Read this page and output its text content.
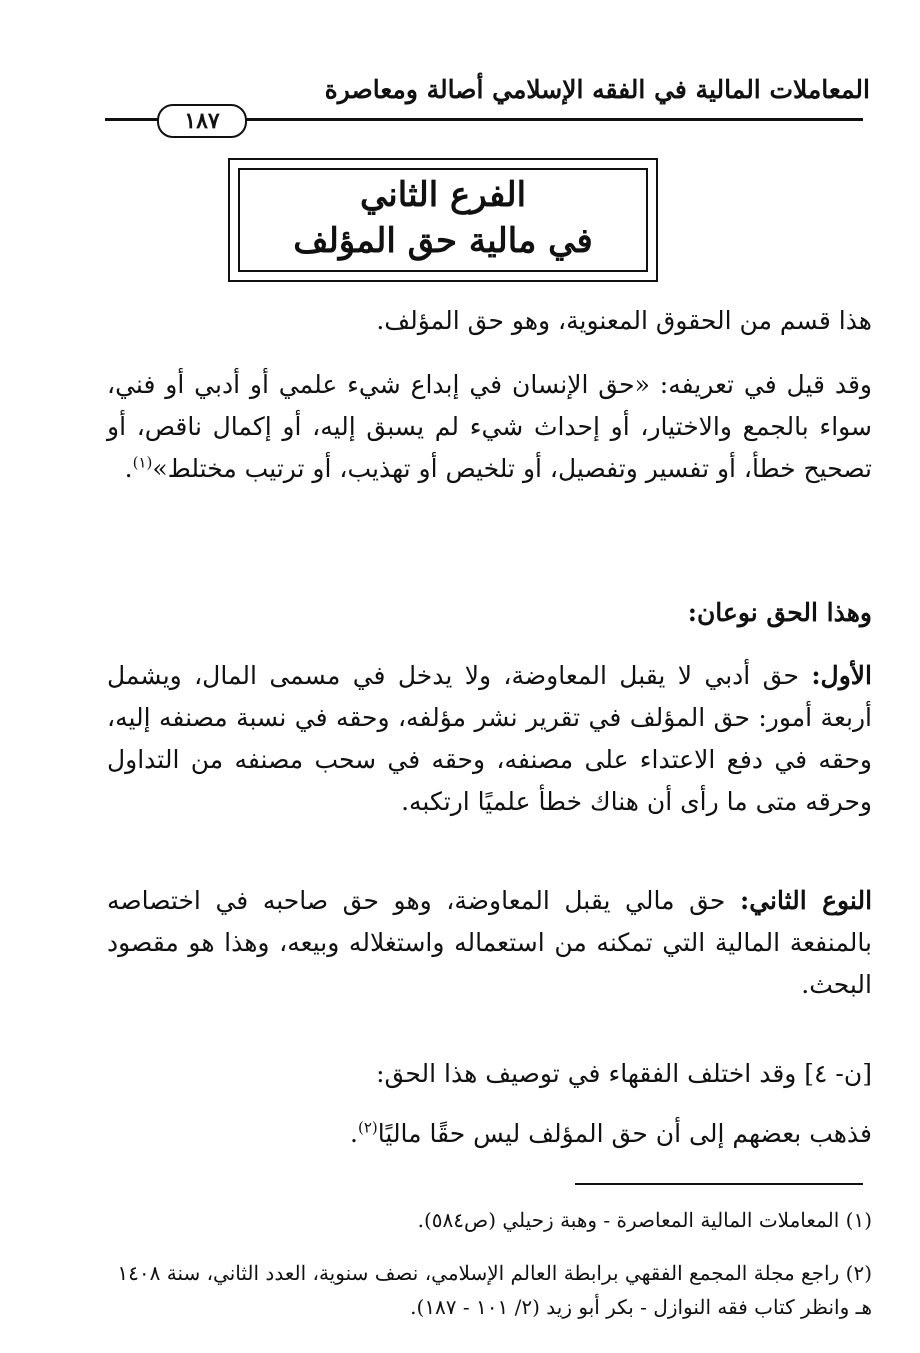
المعاملات المالية في الفقه الإسلامي أصالة ومعاصرة
١٨٧
الفرع الثاني
في مالية حق المؤلف
هذا قسم من الحقوق المعنوية، وهو حق المؤلف.
وقد قيل في تعريفه: «حق الإنسان في إبداع شيء علمي أو أدبي أو فني، سواء بالجمع والاختيار، أو إحداث شيء لم يسبق إليه، أو إكمال ناقص، أو تصحيح خطأ، أو تفسير وتفصيل، أو تلخيص أو تهذيب، أو ترتيب مختلط»$^{(١)}$.
وهذا الحق نوعان:
الأول: حق أدبي لا يقبل المعاوضة، ولا يدخل في مسمى المال، ويشمل أربعة أمور: حق المؤلف في تقرير نشر مؤلفه، وحقه في نسبة مصنفه إليه، وحقه في دفع الاعتداء على مصنفه، وحقه في سحب مصنفه من التداول وحرقه متى ما رأى أن هناك خطأ علميًا ارتكبه.
النوع الثاني: حق مالي يقبل المعاوضة، وهو حق صاحبه في اختصاصه بالمنفعة المالية التي تمكنه من استعماله واستغلاله وبيعه، وهذا هو مقصود البحث.
[ن- ٤] وقد اختلف الفقهاء في توصيف هذا الحق:
فذهب بعضهم إلى أن حق المؤلف ليس حقًا ماليًا$^{(٢)}$.
(١) المعاملات المالية المعاصرة - وهبة زحيلي (ص٥٨٤).
(٢) راجع مجلة المجمع الفقهي برابطة العالم الإسلامي، نصف سنوية، العدد الثاني، سنة ١٤٠٨ هـ وانظر كتاب فقه النوازل - بكر أبو زيد (٢/ ١٠١ - ١٨٧).
